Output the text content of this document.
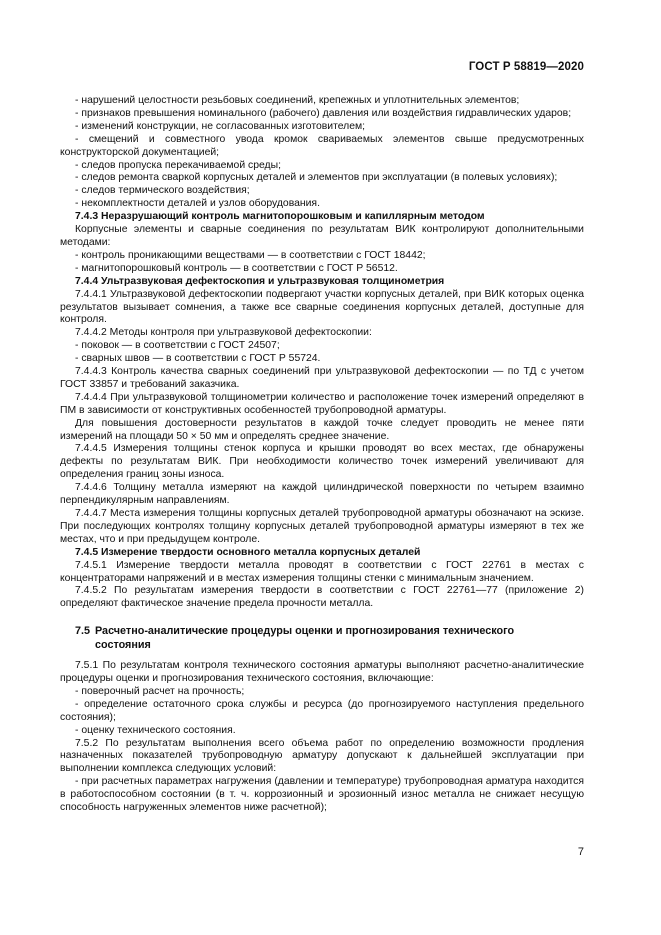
ГОСТ Р 58819—2020

- нарушений целостности резьбовых соединений, крепежных и уплотнительных элементов;

- признаков превышения номинального (рабочего) давления или воздействия гидравлических ударов;

- изменений конструкции, не согласованных изготовителем;

- смещений и совместного увода кромок свариваемых элементов свыше предусмотренных конструкторской документацией;

- следов пропуска перекачиваемой среды;

- следов ремонта сваркой корпусных деталей и элементов при эксплуатации (в полевых условиях);

- следов термического воздействия;

- некомплектности деталей и узлов оборудования.

7.4.3 Неразрушающий контроль магнитопорошковым и капиллярным методом

Корпусные элементы и сварные соединения по результатам ВИК контролируют дополнительными методами:

- контроль проникающими веществами — в соответствии с ГОСТ 18442;

- магнитопорошковый контроль — в соответствии с ГОСТ Р 56512.

7.4.4 Ультразвуковая дефектоскопия и ультразвуковая толщинометрия

7.4.4.1 Ультразвуковой дефектоскопии подвергают участки корпусных деталей, при ВИК которых оценка результатов вызывает сомнения, а также все сварные соединения корпусных деталей, доступные для контроля.

7.4.4.2 Методы контроля при ультразвуковой дефектоскопии:

- поковок — в соответствии с ГОСТ 24507;

- сварных швов — в соответствии с ГОСТ Р 55724.

7.4.4.3 Контроль качества сварных соединений при ультразвуковой дефектоскопии — по ТД с учетом ГОСТ 33857 и требований заказчика.

7.4.4.4 При ультразвуковой толщинометрии количество и расположение точек измерений определяют в ПМ в зависимости от конструктивных особенностей трубопроводной арматуры.

Для повышения достоверности результатов в каждой точке следует проводить не менее пяти измерений на площади 50 × 50 мм и определять среднее значение.

7.4.4.5 Измерения толщины стенок корпуса и крышки проводят во всех местах, где обнаружены дефекты по результатам ВИК. При необходимости количество точек измерений увеличивают для определения границ зоны износа.

7.4.4.6 Толщину металла измеряют на каждой цилиндрической поверхности по четырем взаимно перпендикулярным направлениям.

7.4.4.7 Места измерения толщины корпусных деталей трубопроводной арматуры обозначают на эскизе. При последующих контролях толщину корпусных деталей трубопроводной арматуры измеряют в тех же местах, что и при предыдущем контроле.

7.4.5 Измерение твердости основного металла корпусных деталей

7.4.5.1 Измерение твердости металла проводят в соответствии с ГОСТ 22761 в местах с концентраторами напряжений и в местах измерения толщины стенки с минимальным значением.

7.4.5.2 По результатам измерения твердости в соответствии с ГОСТ 22761—77 (приложение 2) определяют фактическое значение предела прочности металла.

7.5 Расчетно-аналитические процедуры оценки и прогнозирования технического
состояния

7.5.1 По результатам контроля технического состояния арматуры выполняют расчетно-аналитические процедуры оценки и прогнозирования технического состояния, включающие:

- поверочный расчет на прочность;

- определение остаточного срока службы и ресурса (до прогнозируемого наступления предельного состояния);

- оценку технического состояния.

7.5.2 По результатам выполнения всего объема работ по определению возможности продления назначенных показателей трубопроводную арматуру допускают к дальнейшей эксплуатации при выполнении комплекса следующих условий:

- при расчетных параметрах нагружения (давлении и температуре) трубопроводная арматура находится в работоспособном состоянии (в т. ч. коррозионный и эрозионный износ металла не снижает несущую способность нагруженных элементов ниже расчетной);

7
